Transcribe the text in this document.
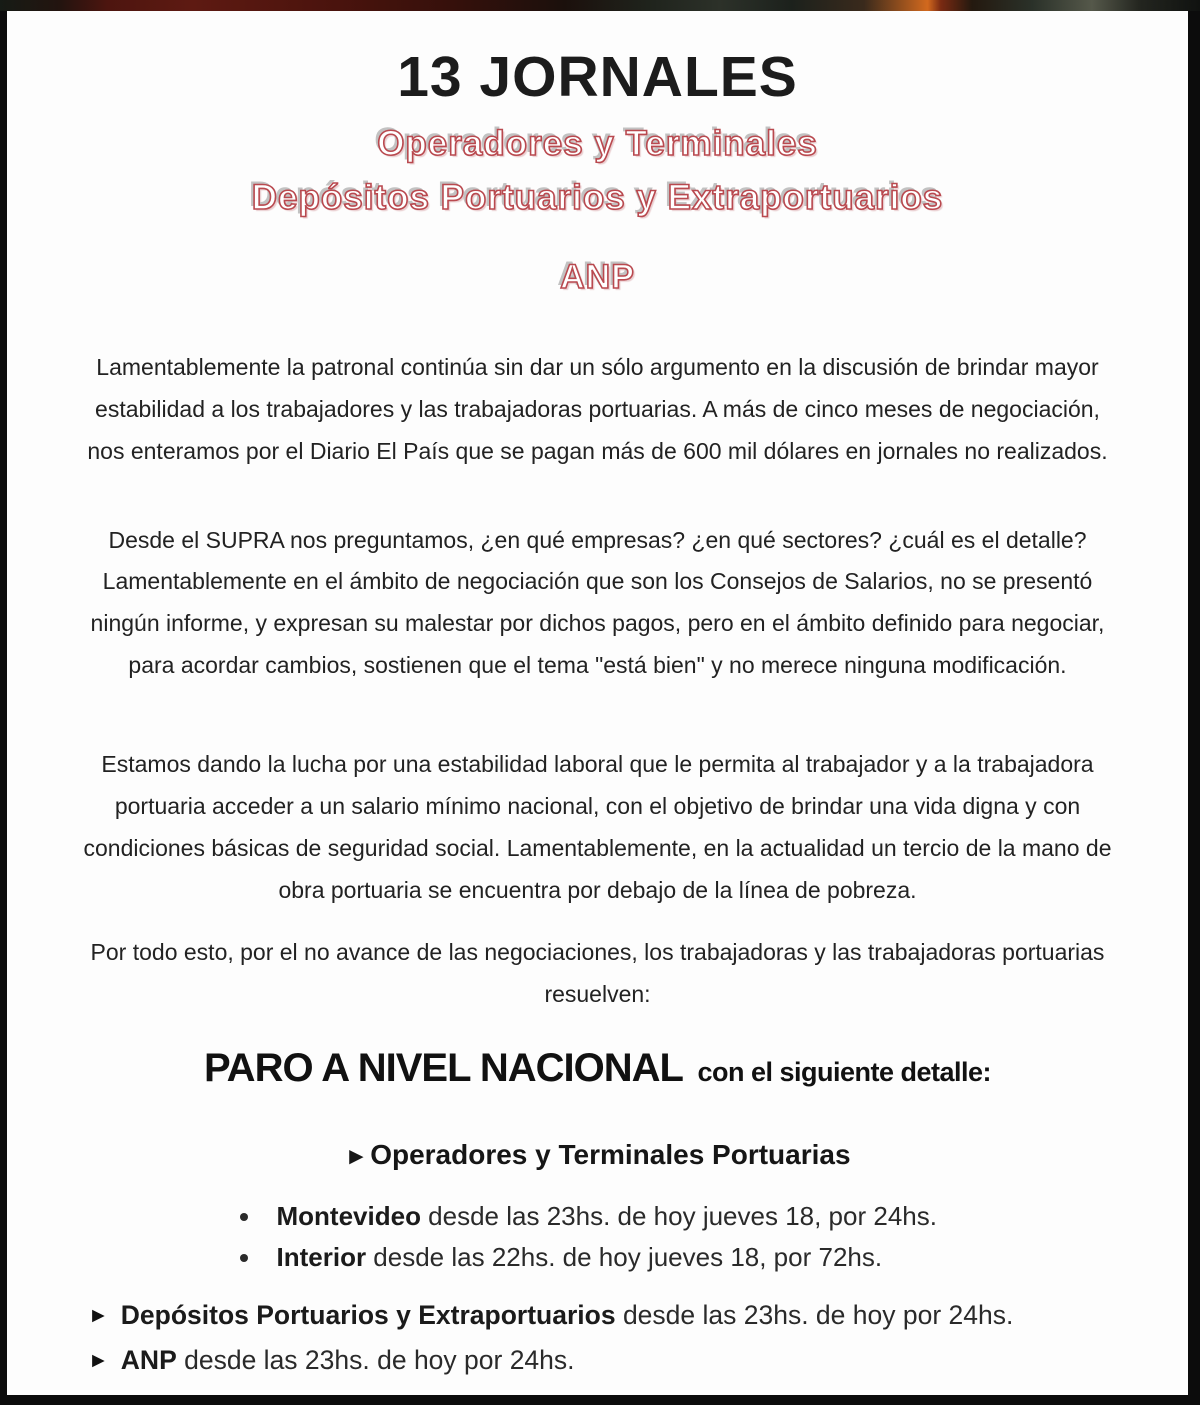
13 JORNALES
Operadores y Terminales
Depósitos Portuarios y Extraportuarios
ANP

Lamentablemente la patronal continúa sin dar un sólo argumento en la discusión de brindar mayor estabilidad a los trabajadores y las trabajadoras portuarias. A más de cinco meses de negociación, nos enteramos por el Diario El País que se pagan más de 600 mil dólares en jornales no realizados.

Desde el SUPRA nos preguntamos, ¿en qué empresas? ¿en qué sectores? ¿cuál es el detalle? Lamentablemente en el ámbito de negociación que son los Consejos de Salarios, no se presentó ningún informe, y expresan su malestar por dichos pagos, pero en el ámbito definido para negociar, para acordar cambios, sostienen que el tema "está bien" y no merece ninguna modificación.

Estamos dando la lucha por una estabilidad laboral que le permita al trabajador y a la trabajadora portuaria acceder a un salario mínimo nacional, con el objetivo de brindar una vida digna y con condiciones básicas de seguridad social. Lamentablemente, en la actualidad un tercio de la mano de obra portuaria se encuentra por debajo de la línea de pobreza.

Por todo esto, por el no avance de las negociaciones, los trabajadoras y las trabajadoras portuarias resuelven:

PARO A NIVEL NACIONAL con el siguiente detalle:
►Operadores y Terminales Portuarias
• Montevideo desde las 23hs. de hoy jueves 18, por 24hs.
• Interior desde las 22hs. de hoy jueves 18, por 72hs.
► Depósitos Portuarios y Extraportuarios desde las 23hs. de hoy por 24hs.
► ANP desde las 23hs. de hoy por 24hs.
